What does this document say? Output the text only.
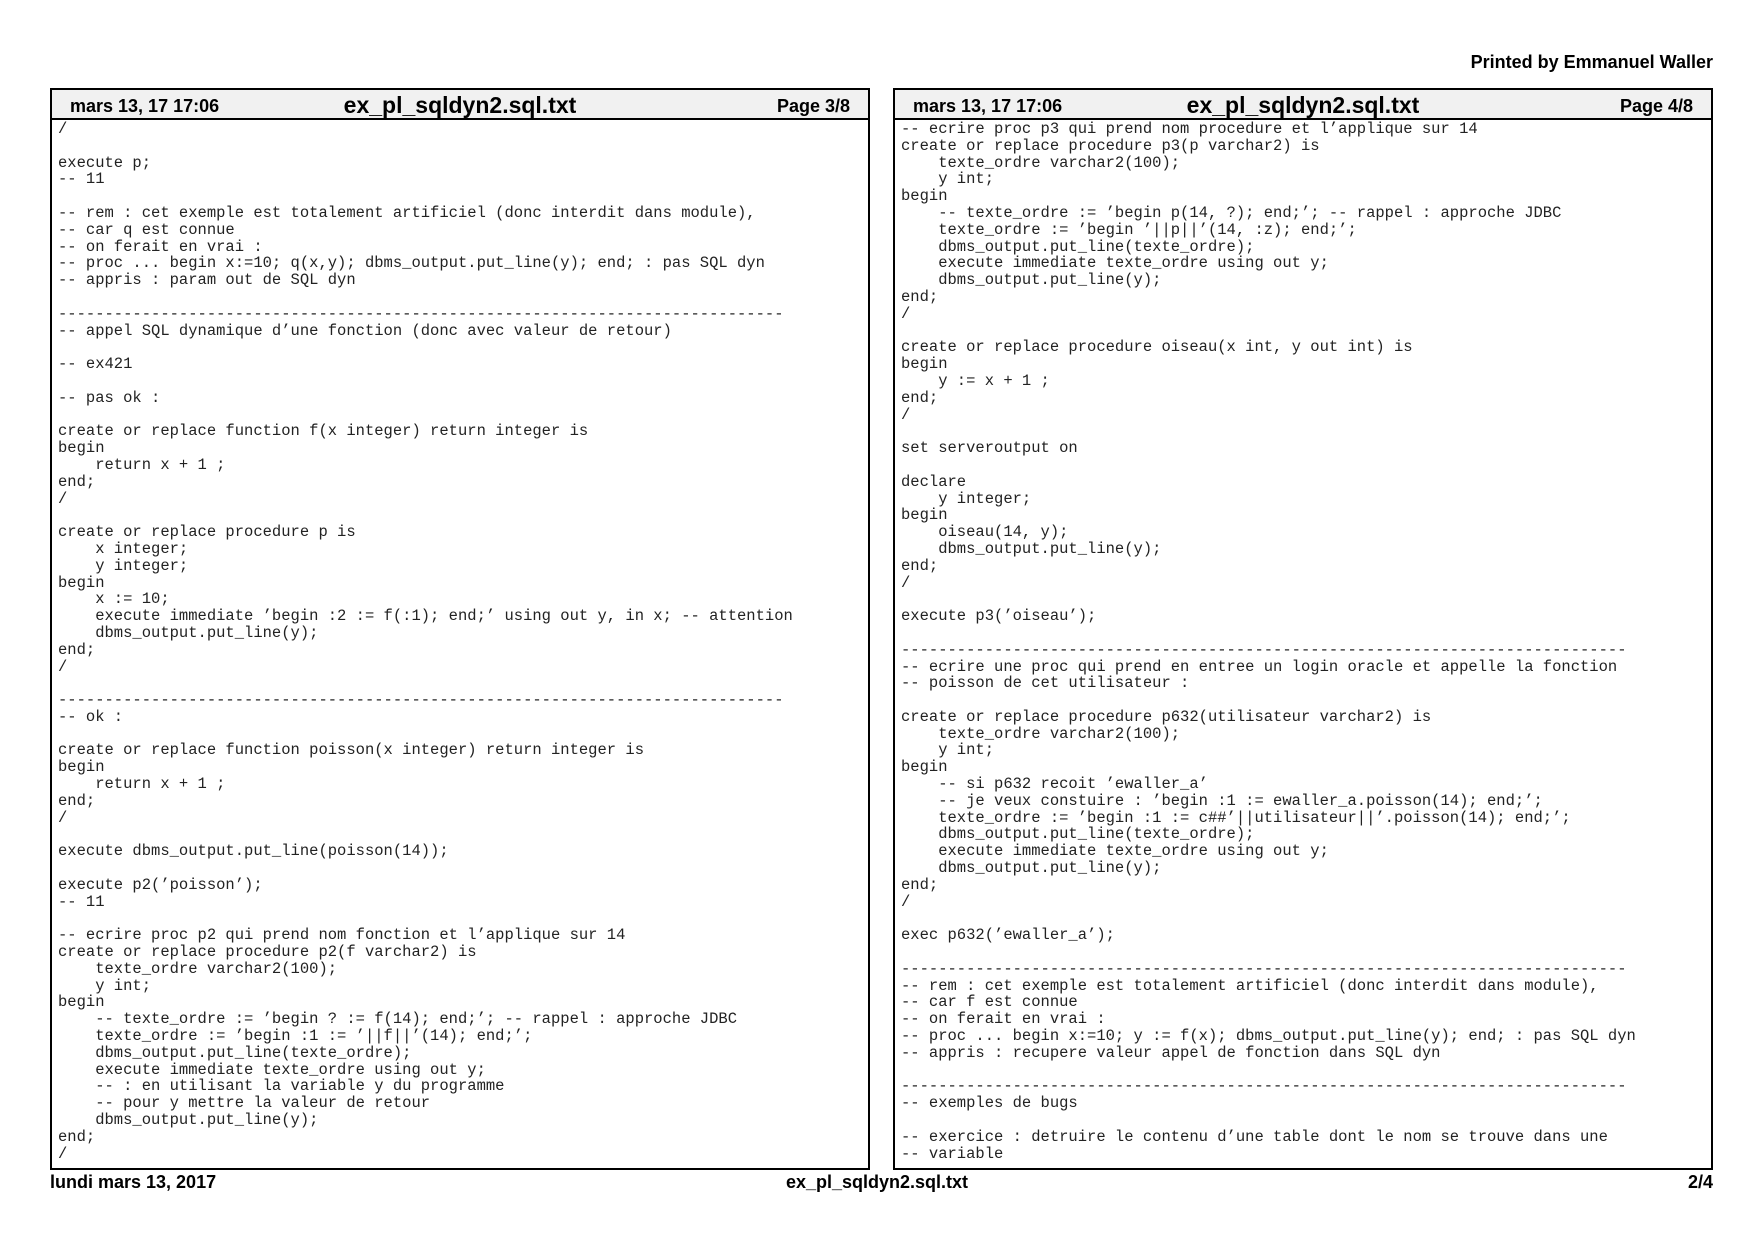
Printed by Emmanuel Waller
mars 13, 17 17:06	ex_pl_sqldyn2.sql.txt	Page 3/8
/

execute p;
-- 11

-- rem : cet exemple est totalement artificiel (donc interdit dans module),
-- car q est connue
-- on ferait en vrai :
-- proc ... begin x:=10; q(x,y); dbms_output.put_line(y); end; : pas SQL dyn
-- appris : param out de SQL dyn

------------------------------------------------------------------------------
-- appel SQL dynamique d’une fonction (donc avec valeur de retour)

-- ex421

-- pas ok :

create or replace function f(x integer) return integer is
begin
return x + 1 ;
end;
/

create or replace procedure p is
x integer;
y integer;
begin
x := 10;
execute immediate ’begin :2 := f(:1); end;’ using out y, in x; -- attention
dbms_output.put_line(y);
end;
/

------------------------------------------------------------------------------
-- ok :

create or replace function poisson(x integer) return integer is
begin
return x + 1 ;
end;
/

execute dbms_output.put_line(poisson(14));

execute p2(’poisson’);
-- 11

-- ecrire proc p2 qui prend nom fonction et l’applique sur 14
create or replace procedure p2(f varchar2) is
texte_ordre varchar2(100);
y int;
begin
-- texte_ordre := ’begin ? := f(14); end;’; -- rappel : approche JDBC
texte_ordre := ’begin :1 := ’||f||’(14); end;’;
dbms_output.put_line(texte_ordre);
execute immediate texte_ordre using out y;
-- : en utilisant la variable y du programme
-- pour y mettre la valeur de retour
dbms_output.put_line(y);
end;
/
mars 13, 17 17:06	ex_pl_sqldyn2.sql.txt	Page 4/8
-- ecrire proc p3 qui prend nom procedure et l’applique sur 14
create or replace procedure p3(p varchar2) is
texte_ordre varchar2(100);
y int;
begin
-- texte_ordre := ’begin p(14, ?); end;’; -- rappel : approche JDBC
texte_ordre := ’begin ’||p||’(14, :z); end;’;
dbms_output.put_line(texte_ordre);
execute immediate texte_ordre using out y;
dbms_output.put_line(y);
end;
/

create or replace procedure oiseau(x int, y out int) is
begin
y := x + 1 ;
end;
/

set serveroutput on

declare
y integer;
begin
oiseau(14, y);
dbms_output.put_line(y);
end;
/

execute p3(’oiseau’);

------------------------------------------------------------------------------
-- ecrire une proc qui prend en entree un login oracle et appelle la fonction
-- poisson de cet utilisateur :

create or replace procedure p632(utilisateur varchar2) is
texte_ordre varchar2(100);
y int;
begin
-- si p632 recoit ’ewaller_a’
-- je veux constuire : ’begin :1 := ewaller_a.poisson(14); end;’;
texte_ordre := ’begin :1 := c##’||utilisateur||’.poisson(14); end;’;
dbms_output.put_line(texte_ordre);
execute immediate texte_ordre using out y;
dbms_output.put_line(y);
end;
/

exec p632(’ewaller_a’);

------------------------------------------------------------------------------
-- rem : cet exemple est totalement artificiel (donc interdit dans module),
-- car f est connue
-- on ferait en vrai :
-- proc ... begin x:=10; y := f(x); dbms_output.put_line(y); end; : pas SQL dyn
-- appris : recupere valeur appel de fonction dans SQL dyn

------------------------------------------------------------------------------
-- exemples de bugs

-- exercice : detruire le contenu d’une table dont le nom se trouve dans une
-- variable
lundi mars 13, 2017	ex_pl_sqldyn2.sql.txt	2/4
